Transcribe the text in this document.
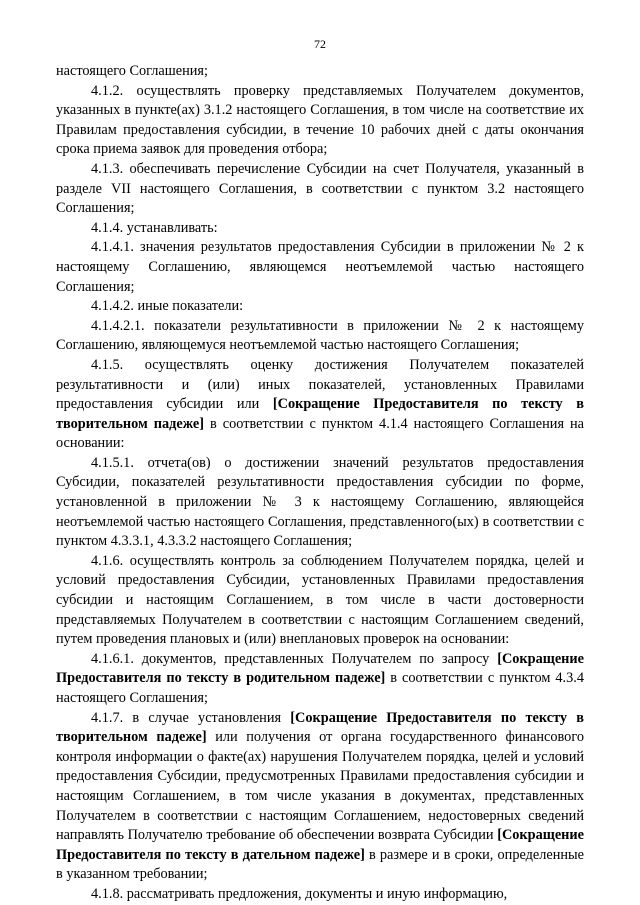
72

настоящего Соглашения;

4.1.2. осуществлять проверку представляемых Получателем документов, указанных в пункте(ах) 3.1.2 настоящего Соглашения, в том числе на соответствие их Правилам предоставления субсидии, в течение 10 рабочих дней с даты окончания срока приема заявок для проведения отбора;

4.1.3. обеспечивать перечисление Субсидии на счет Получателя, указанный в разделе VII настоящего Соглашения, в соответствии с пунктом 3.2 настоящего Соглашения;

4.1.4. устанавливать:

4.1.4.1. значения результатов предоставления Субсидии в приложении № 2 к настоящему Соглашению, являющемся неотъемлемой частью настоящего Соглашения;

4.1.4.2. иные показатели:

4.1.4.2.1. показатели результативности в приложении № 2 к настоящему Соглашению, являющемуся неотъемлемой частью настоящего Соглашения;

4.1.5. осуществлять оценку достижения Получателем показателей результативности и (или) иных показателей, установленных Правилами предоставления субсидии или [Сокращение Предоставителя по тексту в творительном падеже] в соответствии с пунктом 4.1.4 настоящего Соглашения на основании:

4.1.5.1. отчета(ов) о достижении значений результатов предоставления Субсидии, показателей результативности предоставления субсидии по форме, установленной в приложении № 3 к настоящему Соглашению, являющейся неотъемлемой частью настоящего Соглашения, представленного(ых) в соответствии с пунктом 4.3.3.1, 4.3.3.2 настоящего Соглашения;

4.1.6. осуществлять контроль за соблюдением Получателем порядка, целей и условий предоставления Субсидии, установленных Правилами предоставления субсидии и настоящим Соглашением, в том числе в части достоверности представляемых Получателем в соответствии с настоящим Соглашением сведений, путем проведения плановых и (или) внеплановых проверок на основании:

4.1.6.1. документов, представленных Получателем по запросу [Сокращение Предоставителя по тексту в родительном падеже] в соответствии с пунктом 4.3.4 настоящего Соглашения;

4.1.7. в случае установления [Сокращение Предоставителя по тексту в творительном падеже] или получения от органа государственного финансового контроля информации о факте(ах) нарушения Получателем порядка, целей и условий предоставления Субсидии, предусмотренных Правилами предоставления субсидии и настоящим Соглашением, в том числе указания в документах, представленных Получателем в соответствии с настоящим Соглашением, недостоверных сведений направлять Получателю требование об обеспечении возврата Субсидии [Сокращение Предоставителя по тексту в дательном падеже] в размере и в сроки, определенные в указанном требовании;

4.1.8. рассматривать предложения, документы и иную информацию,
